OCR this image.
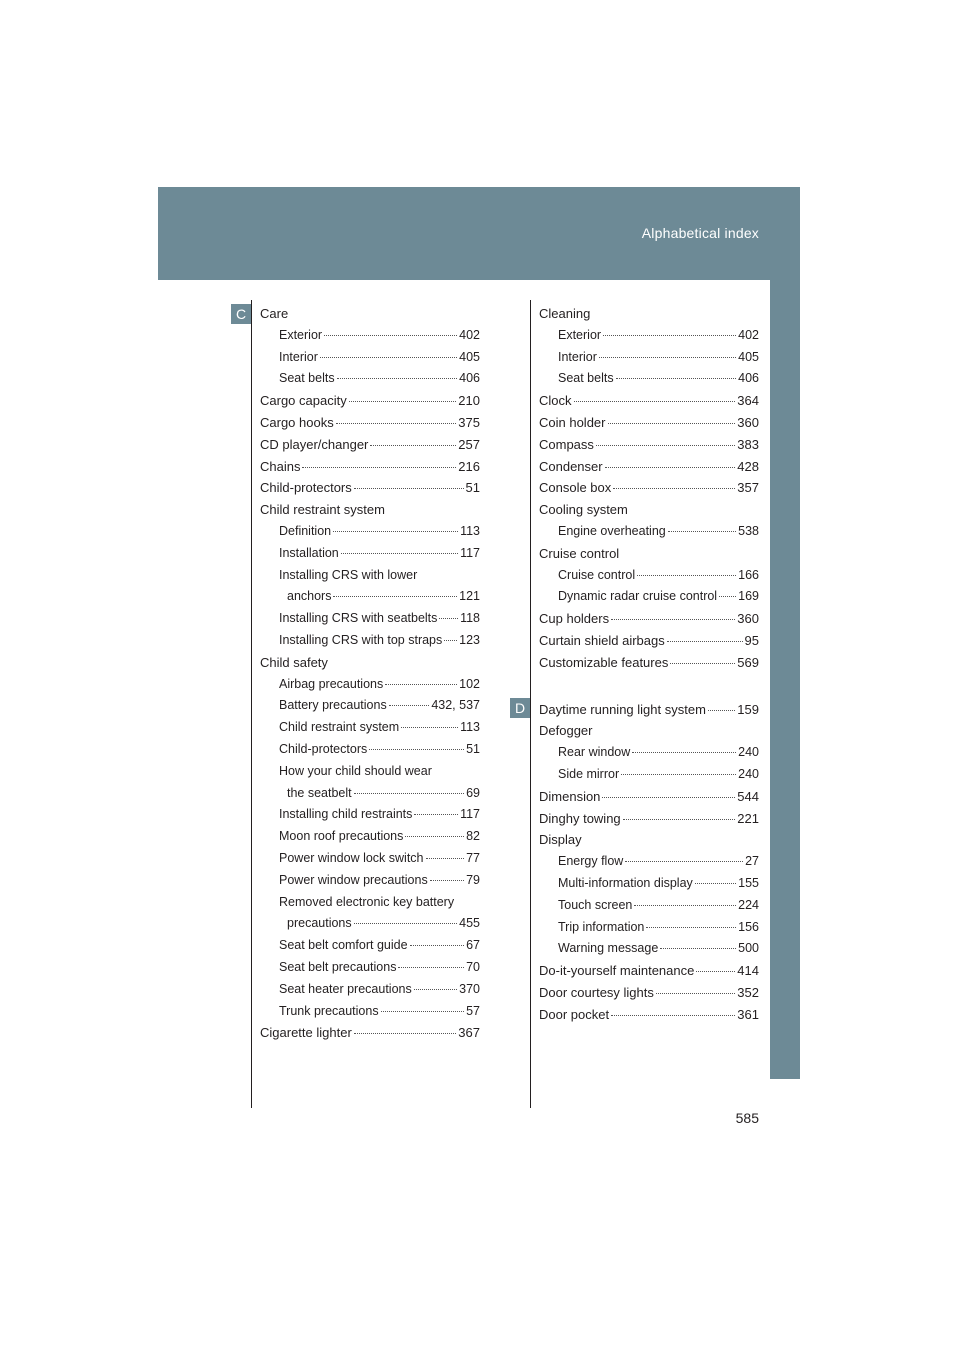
Alphabetical index
C
D
Care
Exterior	402
Interior	405
Seat belts	406
Cargo capacity	210
Cargo hooks	375
CD player/changer	257
Chains	216
Child-protectors	51
Child restraint system
Definition	113
Installation	117
Installing CRS with lower
anchors	121
Installing CRS with seatbelts 118
Installing CRS with top straps 123
Child safety
Airbag precautions	102
Battery precautions	432, 537
Child restraint system	113
Child-protectors	51
How your child should wear
the seatbelt	69
Installing child restraints	117
Moon roof precautions	82
Power window lock switch	77
Power window precautions	79
Removed electronic key battery
precautions	455
Seat belt comfort guide	67
Seat belt precautions	70
Seat heater precautions	370
Trunk precautions	57
Cigarette lighter	367
Cleaning
Exterior	402
Interior	405
Seat belts	406
Clock	364
Coin holder	360
Compass	383
Condenser	428
Console box	357
Cooling system
Engine overheating	538
Cruise control
Cruise control	166
Dynamic radar cruise control 169
Cup holders	360
Curtain shield airbags	95
Customizable features	569
Daytime running light system 159
Defogger
Rear window	240
Side mirror	240
Dimension	544
Dinghy towing	221
Display
Energy flow	27
Multi-information display	155
Touch screen	224
Trip information	156
Warning message	500
Do-it-yourself maintenance	414
Door courtesy lights	352
Door pocket	361
585
